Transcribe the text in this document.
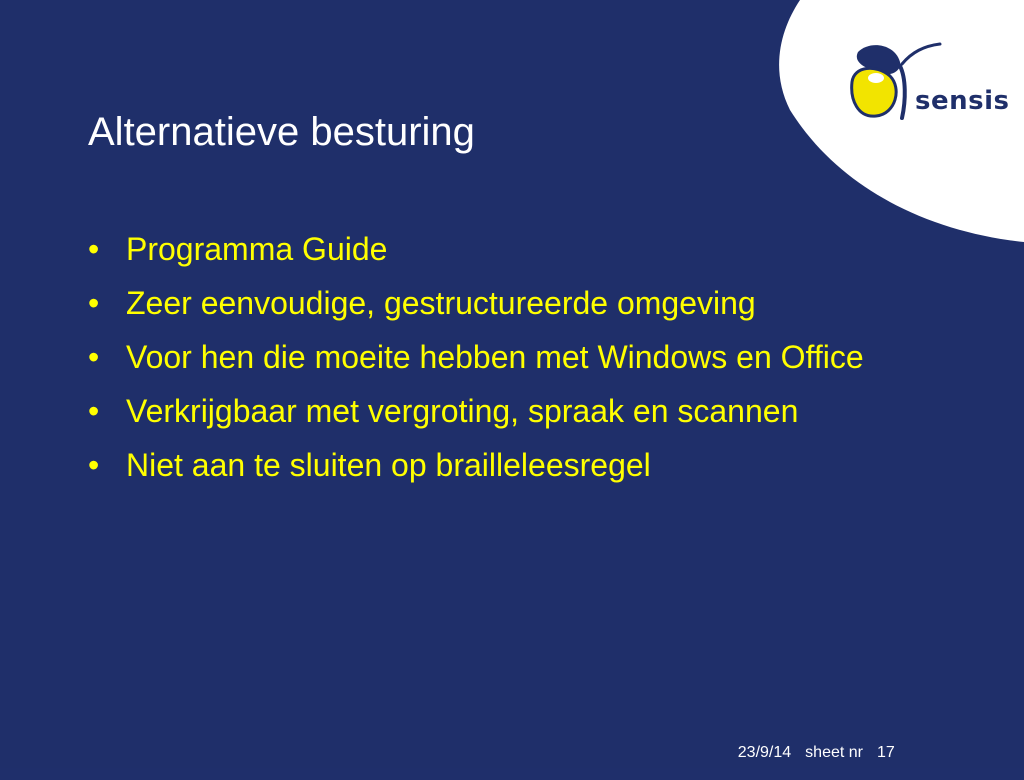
sensis
Alternatieve besturing
• Programma Guide
• Zeer eenvoudige, gestructureerde omgeving
• Voor hen die moeite hebben met Windows en Office
• Verkrijgbaar met vergroting, spraak en scannen
• Niet aan te sluiten op brailleleesregel

23/9/14 sheet nr 17
